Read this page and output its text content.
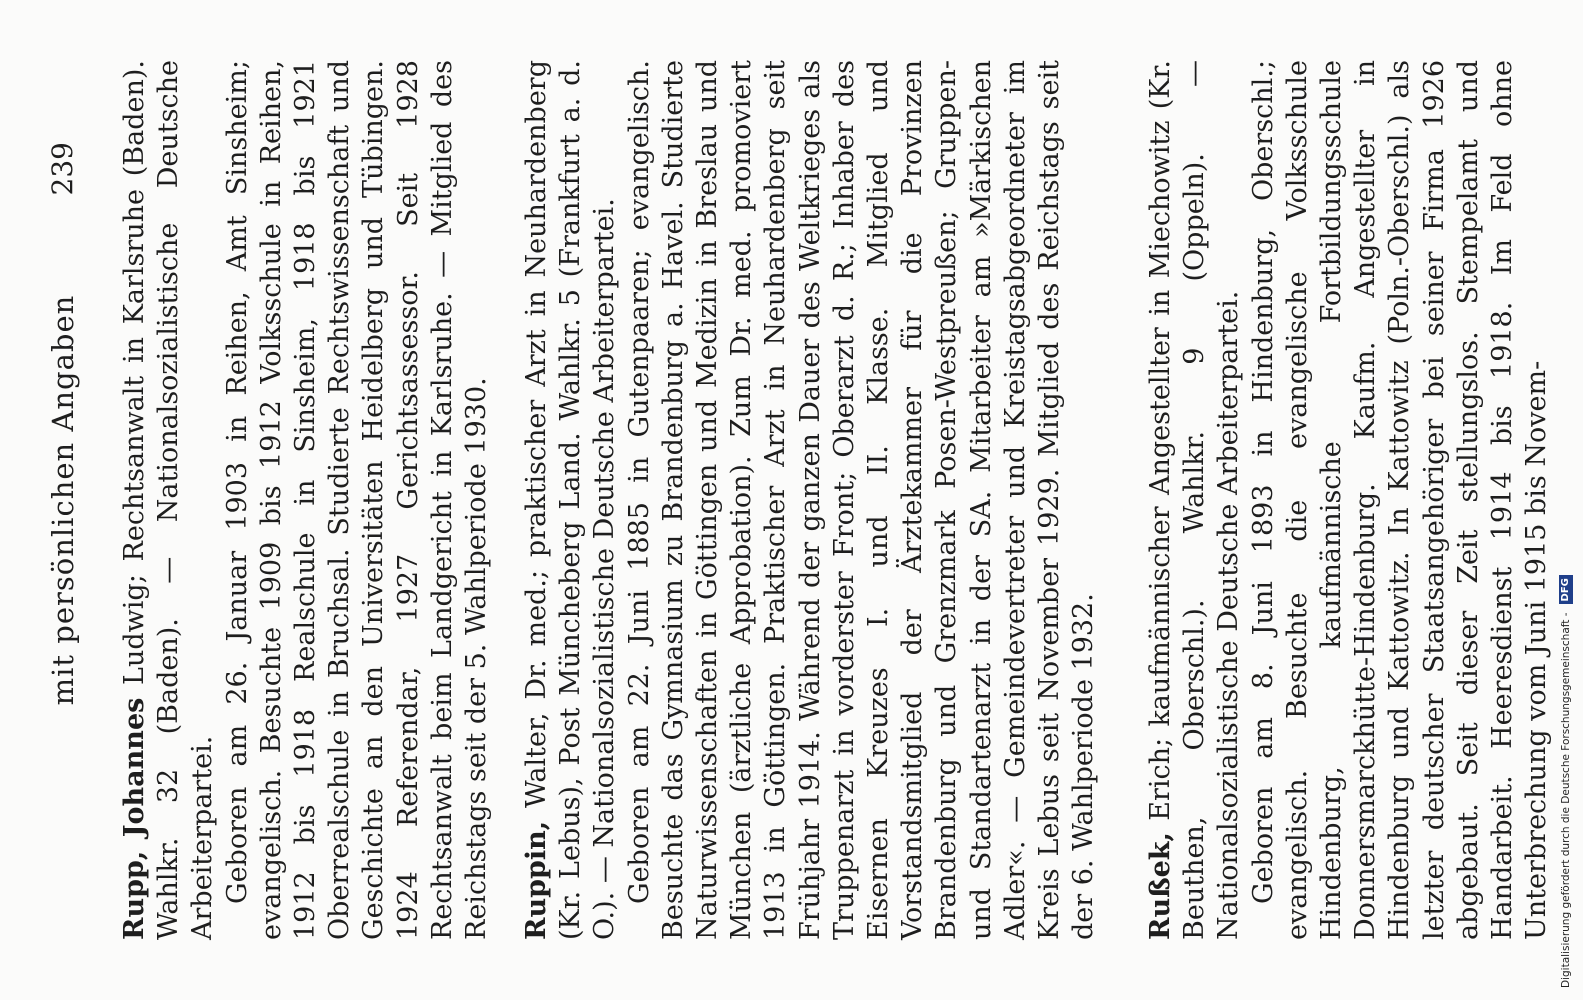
mit persönlichen Angaben
239

Rupp, Johannes Ludwig; Rechtsanwalt in Karlsruhe (Baden). Wahlkr. 32 (Baden). — Nationalsozialistische Deutsche Arbeiterpartei. Geboren am 26. Januar 1903 in Reihen, Amt Sinsheim; evangelisch. Besuchte 1909 bis 1912 Volksschule in Reihen, 1912 bis 1918 Realschule in Sinsheim, 1918 bis 1921 Oberrealschule in Bruchsal. Studierte Rechtswissenschaft und Geschichte an den Universitäten Heidelberg und Tübingen. 1924 Referendar, 1927 Gerichtsassessor. Seit 1928 Rechtsanwalt beim Landgericht in Karlsruhe. — Mitglied des Reichstags seit der 5. Wahlperiode 1930. Ruppin, Walter, Dr. med.; praktischer Arzt in Neuhardenberg (Kr. Lebus), Post Müncheberg Land. Wahlkr. 5 (Frankfurt a. d. O.). — Nationalsozialistische Deutsche Arbeiterpartei. Geboren am 22. Juni 1885 in Gutenpaaren; evangelisch. Besuchte das Gymnasium zu Brandenburg a. Havel. Studierte Naturwissenschaften in Göttingen und Medizin in Breslau und München (ärztliche Approbation). Zum Dr. med. promoviert 1913 in Göttingen. Praktischer Arzt in Neuhardenberg seit Frühjahr 1914. Während der ganzen Dauer des Weltkrieges als Truppenarzt in vorderster Front; Oberarzt d. R.; Inhaber des Eisernen Kreuzes I. und II. Klasse. Mitglied und Vorstandsmitglied der Ärztekammer für die Provinzen Brandenburg und Grenzmark Posen-Westpreußen; Gruppen- und Standartenarzt in der SA. Mitarbeiter am »Märkischen Adler«. — Gemeindevertreter und Kreistagsabgeordneter im Kreis Lebus seit November 1929. Mitglied des Reichstags seit der 6. Wahlperiode 1932. Rußek, Erich; kaufmännischer Angestellter in Miechowitz (Kr. Beuthen, Oberschl.). Wahlkr. 9 (Oppeln). — Nationalsozialistische Deutsche Arbeiterpartei. Geboren am 8. Juni 1893 in Hindenburg, Oberschl.; evangelisch. Besuchte die evangelische Volksschule Hindenburg, kaufmännische Fortbildungsschule Donnersmarckhütte-Hindenburg. Kaufm. Angestellter in Hindenburg und Kattowitz. In Kattowitz (Poln.-Oberschl.) als letzter deutscher Staatsangehöriger bei seiner Firma 1926 abgebaut. Seit dieser Zeit stellungslos. Stempelamt und Handarbeit. Heeresdienst 1914 bis 1918. Im Feld ohne Unterbrechung vom Juni 1915 bis Novem- Digitalisierung gefördert durch die Deutsche Forschungsgemeinschaft -DFG
